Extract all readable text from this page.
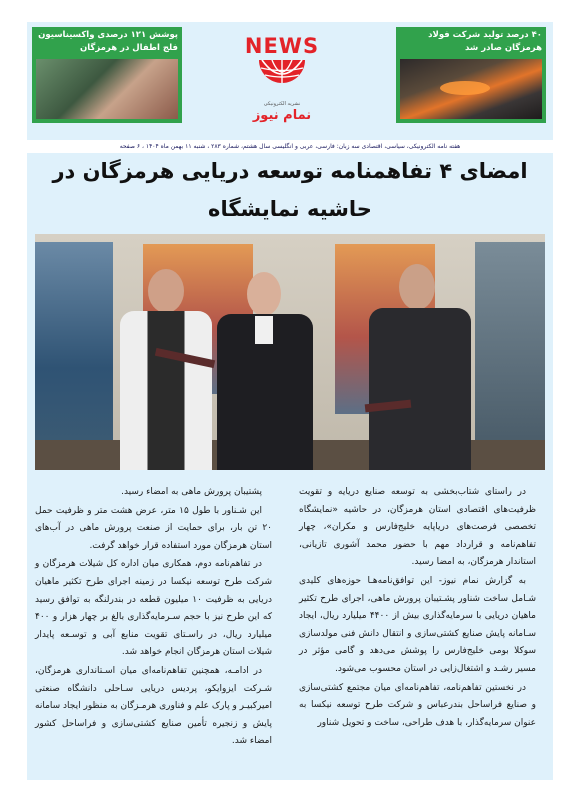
پوشش ۱۲۱ درصدی واکسیناسیون فلج اطفال در هرمزگان	NEWS
نشریه الکترونیکی
نمام نیوز
۴۰ درصد تولید شرکت فولاد هرمزگان صادر شد
هفته نامه الکترونیکی، سیاسی، اقتصادی سه زبان: فارسی، عربی و انگلیسی سال هشتم، شماره ۲۸۳ ، شنبه ۱۱ بهمن ماه ۱۴۰۴ ، ۶ صفحه
امضای ۴ تفاهمنامه توسعه دریایی هرمزگان در حاشیه نمایشگاه

در راستای شتاب‌بخشی به توسعه صنایع دریایه و تقویت ظرفیت‌های اقتصادی استان هرمزگان، در حاشیه «نمایشگاه تخصصی فرصت‌های دریاپایه خلیج‌فارس و مکران»، چهار تفاهم‌نامه و قرارداد مهم با حضور محمد آشوری تازیانی، استاندار هرمزگان، به امضا رسید.

به گزارش نمام نیوز- این توافق‌نامه‌هـا حوزه‌های کلیدی شـامل ساخت شناور پشـتیبان پرورش ماهی، اجرای طرح تکثیر ماهیان دریایی با سرمایه‌گذاری بیش از ۴۴۰۰ میلیارد ریال، ایجاد سـامانه پایش صنایع کشتی‌سازی و انتقال دانش فنی مولدسازی سوکلا بومی خلیج‌فارس را پوشش می‌دهد و گامی مؤثر در مسیر رشـد و اشتغال‌زایی در استان محسوب می‌شود.

در نخستین تفاهم‌نامه، تفاهم‌نامه‌ای میان مجتمع کشتی‌سازی و صنایع فراساحل بندرعباس و شرکت طرح توسعه نیکسا به عنوان سرمایه‌گذار، با هدف طراحی، ساخت و تحویل شناور

پشتیبان پرورش ماهی به امضاء رسید.

این شـناور با طول ۱۵ متر، عرض هشت متر و ظرفیت حمل ۲۰ تن بار، برای حمایت از صنعت پرورش ماهی در آب‌های استان هرمزگان مورد استفاده قرار خواهد گرفت.

در تفاهم‌نامه دوم، همکاری میان اداره کل شیلات هرمزگان و شرکت طرح توسعه نیکسا در زمینه اجرای طرح تکثیر ماهیان دریایی به ظرفیت ۱۰ میلیون قطعه در بندرلنگه به توافق رسید که این طرح نیز با حجم سـرمایه‌گذاری بالغ بر چهار هزار و ۴۰۰ میلیارد ریال، در راسـتای تقویت منابع آبی و توسـعه پایدار شیلات استان هرمزگان انجام خواهد شد.

در ادامـه، همچنین تفاهم‌نامه‌ای میان اسـتانداری هرمزگان، شـرکت ایزوایکو، پردیس دریایی سـاحلی دانشگاه صنعتی امیرکبیـر و پارک علم و فناوری هرمـزگان به منظور ایجاد سامانه پایش و زنجیره تأمین صنایع کشتی‌سازی و فراساحل کشور امضاء شد.
